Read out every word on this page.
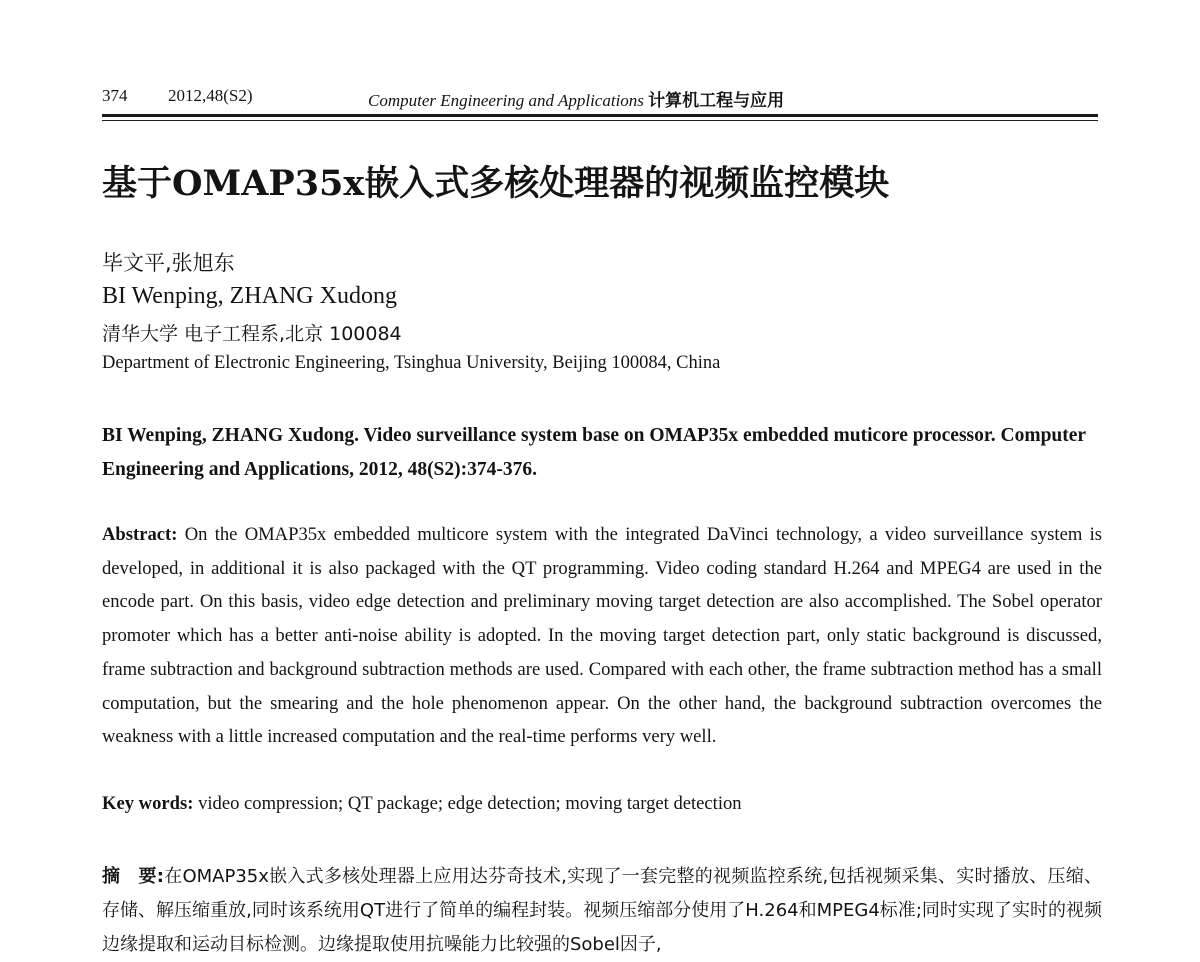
374 2012,48(S2)	Computer Engineering and Applications 计算机工程与应用
基于OMAP35x嵌入式多核处理器的视频监控模块
毕文平,张旭东
BI Wenping, ZHANG Xudong
清华大学 电子工程系,北京 100084
Department of Electronic Engineering, Tsinghua University, Beijing 100084, China
BI Wenping, ZHANG Xudong. Video surveillance system base on OMAP35x embedded muticore processor. Computer Engineering and Applications, 2012, 48(S2):374-376.
Abstract: On the OMAP35x embedded multicore system with the integrated DaVinci technology, a video surveillance system is developed, in additional it is also packaged with the QT programming. Video coding standard H.264 and MPEG4 are used in the encode part. On this basis, video edge detection and preliminary moving target detection are also accomplished. The Sobel operator promoter which has a better anti-noise ability is adopted. In the moving target detection part, only static background is discussed, frame subtraction and background subtraction methods are used. Compared with each other, the frame subtraction method has a small computation, but the smearing and the hole phenomenon appear. On the other hand, the background subtraction overcomes the weakness with a little increased computation and the real-time performs very well.
Key words: video compression; QT package; edge detection; moving target detection
摘　要:在OMAP35x嵌入式多核处理器上应用达芬奇技术,实现了一套完整的视频监控系统,包括视频采集、实时播放、压缩、存储、解压缩重放,同时该系统用QT进行了简单的编程封装。视频压缩部分使用了H.264和MPEG4标准;同时实现了实时的视频边缘提取和运动目标检测。边缘提取使用抗噪能力比较强的Sobel因子,
